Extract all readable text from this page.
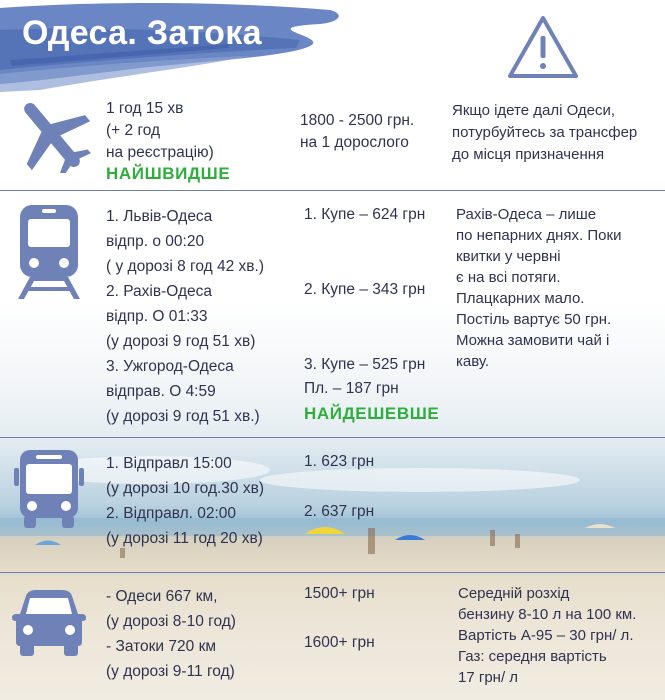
Одеса. Затока
1 год 15 хв
(+ 2 год
на реєстрацію)
НАЙШВИДШЕ
1800 - 2500 грн.
на 1 дорослого
Якщо ідете далі Одеси,
потурбуйтесь за трансфер
до місця призначення
1. Львів-Одеса
відпр. о 00:20
( у дорозі 8 год 42 хв.)
2. Рахів-Одеса
відпр. О 01:33
(у дорозі 9 год 51 хв)
3. Ужгород-Одеса
відправ. О 4:59
(у дорозі 9 год 51 хв.)
1. Купе – 624 грн
2. Купе – 343 грн
3. Купе – 525 грн
Пл. – 187 грн
НАЙДЕШЕВШЕ
Рахів-Одеса – лише
по непарних днях. Поки
квитки у червні
є на всі потяги.
Плацкарних мало.
Постіль вартує 50 грн.
Можна замовити чай і
каву.
1. Відправл 15:00
(у дорозі 10 год.30 хв)
2. Відправл. 02:00
(у дорозі 11 год 20 хв)
1. 623 грн
2. 637 грн
- Одеси 667 км,
(у дорозі 8-10 год)
- Затоки 720 км
(у дорозі 9-11 год)
1500+ грн
1600+ грн
Середній розхід
бензину 8-10 л на 100 км.
Вартість А-95 – 30 грн/ л.
Газ: середня вартість
17 грн/ л
